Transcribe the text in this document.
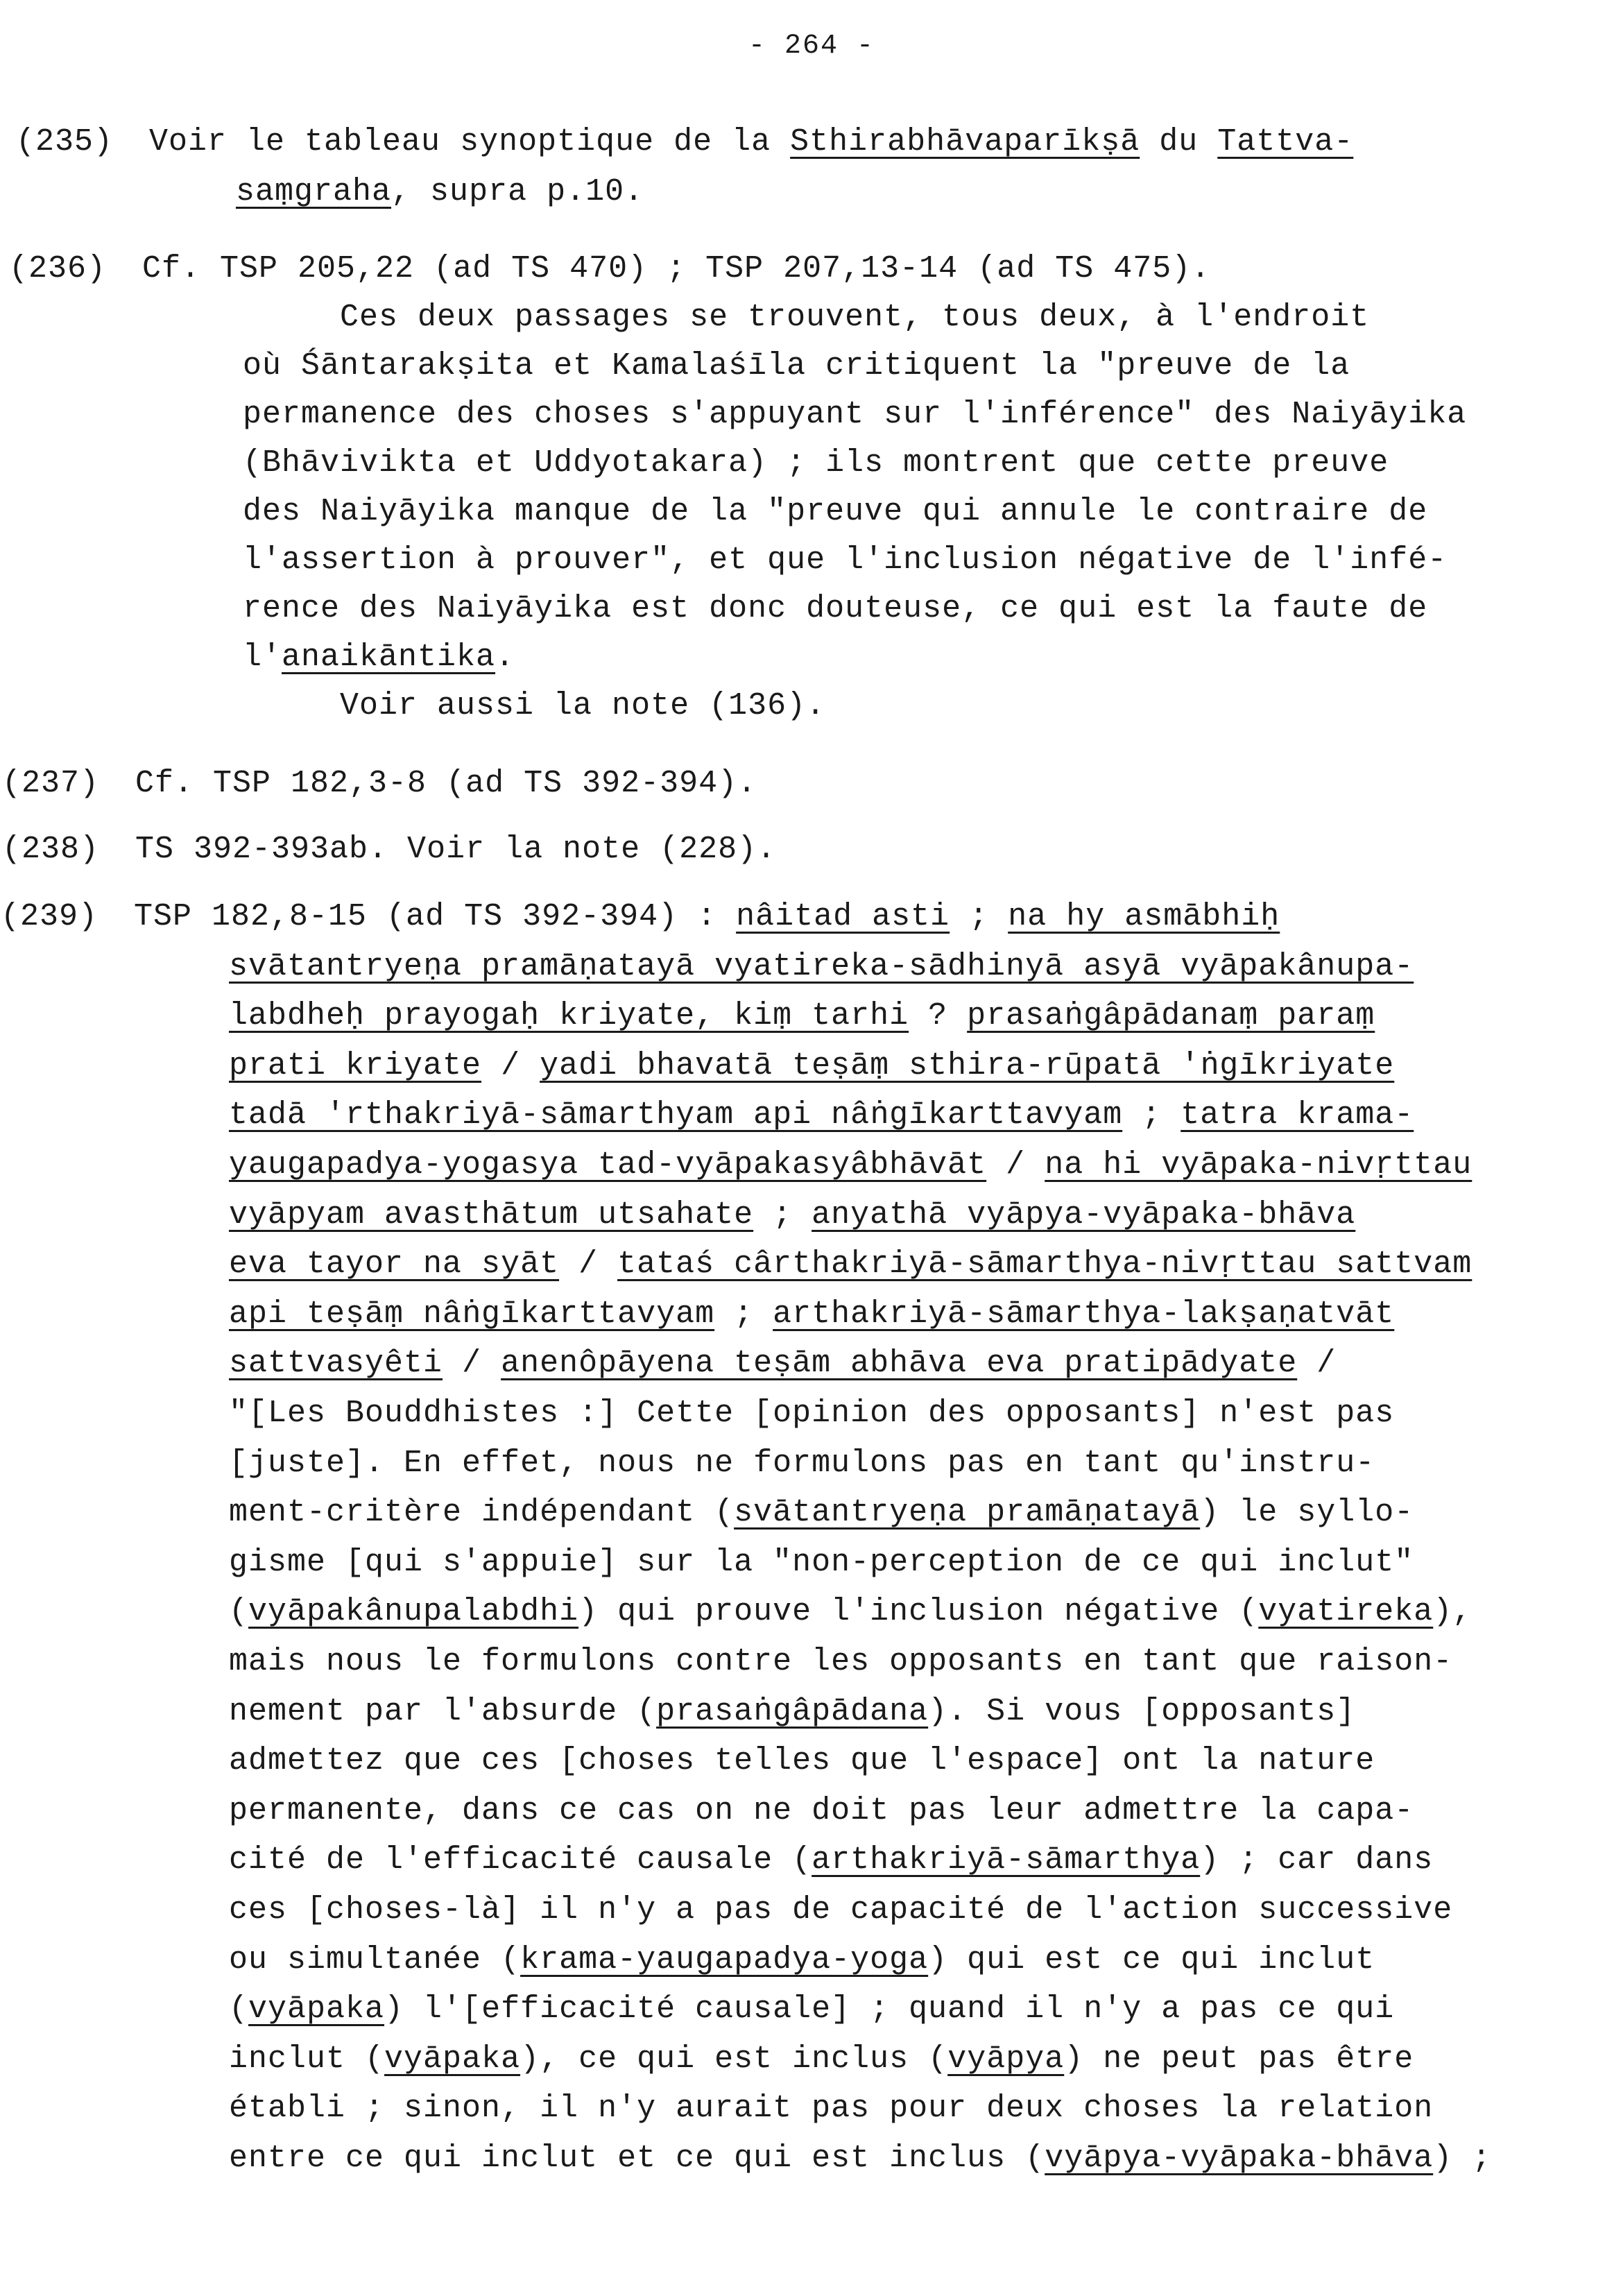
- 264 -
(235) Voir le tableau synoptique de la Sthirabhāvaparīkṣā du Tattva-
saṃgraha, supra p.10.
(236) Cf. TSP 205,22 (ad TS 470) ; TSP 207,13-14 (ad TS 475).
Ces deux passages se trouvent, tous deux, à l'endroit
où Śāntarakṣita et Kamalaśīla critiquent la "preuve de la
permanence des choses s'appuyant sur l'inférence" des Naiyāyika
(Bhāvivikta et Uddyotakara) ; ils montrent que cette preuve
des Naiyāyika manque de la "preuve qui annule le contraire de
l'assertion à prouver", et que l'inclusion négative de l'infé-
rence des Naiyāyika est donc douteuse, ce qui est la faute de
l'anaikāntika.
Voir aussi la note (136).
(237) Cf. TSP 182,3-8 (ad TS 392-394).
(238) TS 392-393ab. Voir la note (228).
(239) TSP 182,8-15 (ad TS 392-394) : nâitad asti ; na hy asmābhiḥ
svātantryeṇa pramāṇatayā vyatireka-sādhinyā asyā vyāpakânupa-
labdheḥ prayogaḥ kriyate, kiṃ tarhi ? prasaṅgâpādanaṃ paraṃ
prati kriyate / yadi bhavatā teṣāṃ sthira-rūpatā 'ṅgīkriyate
tadā 'rthakriyā-sāmarthyam api nâṅgīkarttavyam ; tatra krama-
yaugapadya-yogasya tad-vyāpakasyâbhāvāt / na hi vyāpaka-nivṛttau
vyāpyam avasthātum utsahate ; anyathā vyāpya-vyāpaka-bhāva
eva tayor na syāt / tataś cârthakriyā-sāmarthya-nivṛttau sattvam
api teṣāṃ nâṅgīkarttavyam ; arthakriyā-sāmarthya-lakṣaṇatvāt
sattvasyêti / anenôpāyena teṣām abhāva eva pratipādyate /
"[Les Bouddhistes :] Cette [opinion des opposants] n'est pas
[juste]. En effet, nous ne formulons pas en tant qu'instru-
ment-critère indépendant (svātantryeṇa pramāṇatayā) le syllo-
gisme [qui s'appuie] sur la "non-perception de ce qui inclut"
(vyāpakânupalabdhi) qui prouve l'inclusion négative (vyatireka),
mais nous le formulons contre les opposants en tant que raison-
nement par l'absurde (prasaṅgâpādana). Si vous [opposants]
admettez que ces [choses telles que l'espace] ont la nature
permanente, dans ce cas on ne doit pas leur admettre la capa-
cité de l'efficacité causale (arthakriyā-sāmarthya) ; car dans
ces [choses-là] il n'y a pas de capacité de l'action successive
ou simultanée (krama-yaugapadya-yoga) qui est ce qui inclut
(vyāpaka) l'[efficacité causale] ; quand il n'y a pas ce qui
inclut (vyāpaka), ce qui est inclus (vyāpya) ne peut pas être
établi ; sinon, il n'y aurait pas pour deux choses la relation
entre ce qui inclut et ce qui est inclus (vyāpya-vyāpaka-bhāva) ;
